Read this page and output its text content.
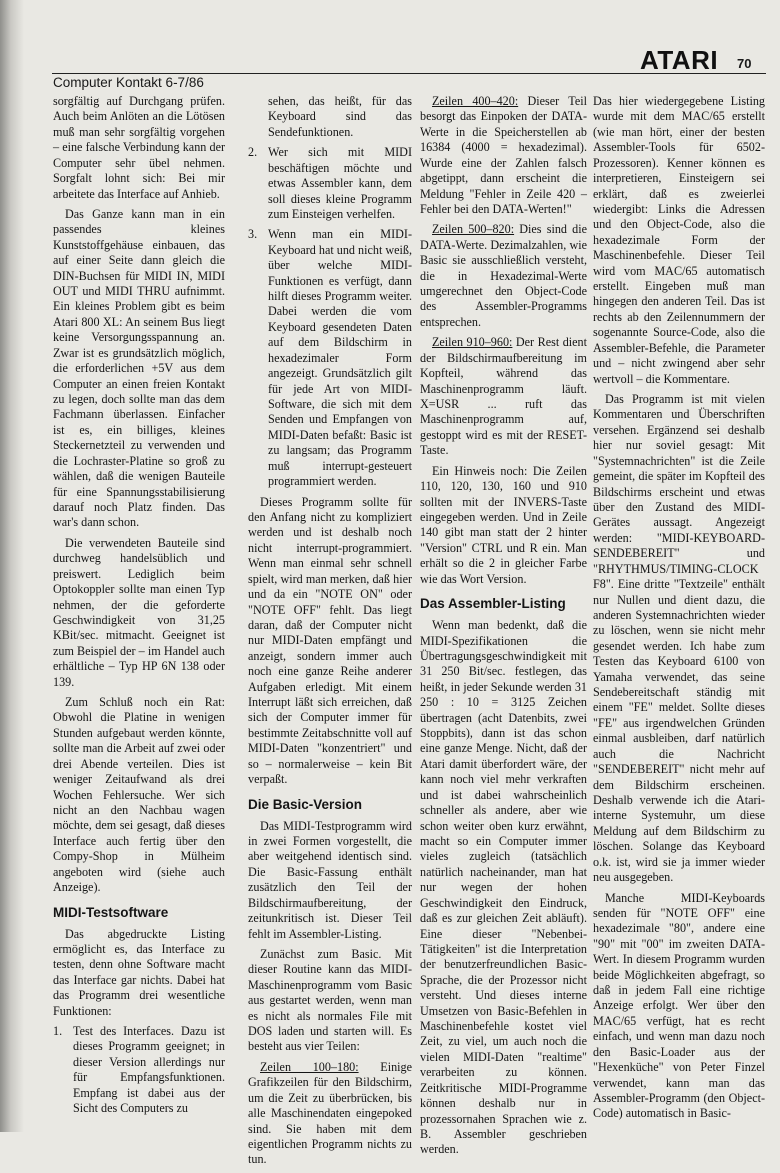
ATARI 70
Computer Kontakt 6-7/86

sorgfältig auf Durchgang prüfen. Auch beim Anlöten an die Lötösen muß man sehr sorgfältig vorgehen – eine falsche Verbindung kann der Computer sehr übel nehmen. Sorgfalt lohnt sich: Bei mir arbeitete das Interface auf Anhieb.

Das Ganze kann man in ein passendes kleines Kunststoffgehäuse einbauen, das auf einer Seite dann gleich die DIN-Buchsen für MIDI IN, MIDI OUT und MIDI THRU aufnimmt. Ein kleines Problem gibt es beim Atari 800 XL: An seinem Bus liegt keine Versorgungsspannung an. Zwar ist es grundsätzlich möglich, die erforderlichen +5V aus dem Computer an einen freien Kontakt zu legen, doch sollte man das dem Fachmann überlassen. Einfacher ist es, ein billiges, kleines Steckernetzteil zu verwenden und die Lochraster-Platine so groß zu wählen, daß die wenigen Bauteile für eine Spannungsstabilisierung darauf noch Platz finden. Das war's dann schon.

Die verwendeten Bauteile sind durchweg handelsüblich und preiswert. Lediglich beim Optokoppler sollte man einen Typ nehmen, der die geforderte Geschwindigkeit von 31,25 KBit/sec. mitmacht. Geeignet ist zum Beispiel der – im Handel auch erhältliche – Typ HP 6N 138 oder 139.

Zum Schluß noch ein Rat: Obwohl die Platine in wenigen Stunden aufgebaut werden könnte, sollte man die Arbeit auf zwei oder drei Abende verteilen. Dies ist weniger Zeitaufwand als drei Wochen Fehlersuche. Wer sich nicht an den Nachbau wagen möchte, dem sei gesagt, daß dieses Interface auch fertig über den Compy-Shop in Mülheim angeboten wird (siehe auch Anzeige).

MIDI-Testsoftware

Das abgedruckte Listing ermöglicht es, das Interface zu testen, denn ohne Software macht das Interface gar nichts. Dabei hat das Programm drei wesentliche Funktionen:

1. Test des Interfaces. Dazu ist dieses Programm geeignet; in dieser Version allerdings nur für Empfangsfunktionen. Empfang ist dabei aus der Sicht des Computers zu
sehen, das heißt, für das Keyboard sind das Sendefunktionen.
2. Wer sich mit MIDI beschäftigen möchte und etwas Assembler kann, dem soll dieses kleine Programm zum Einsteigen verhelfen.
3. Wenn man ein MIDI-Keyboard hat und nicht weiß, über welche MIDI-Funktionen es verfügt, dann hilft dieses Programm weiter. Dabei werden die vom Keyboard gesendeten Daten auf dem Bildschirm in hexadezimaler Form angezeigt. Grundsätzlich gilt für jede Art von MIDI-Software, die sich mit dem Senden und Empfangen von MIDI-Daten befaßt: Basic ist zu langsam; das Programm muß interrupt-gesteuert programmiert werden.

Dieses Programm sollte für den Anfang nicht zu kompliziert werden und ist deshalb noch nicht interrupt-programmiert. Wenn man einmal sehr schnell spielt, wird man merken, daß hier und da ein "NOTE ON" oder "NOTE OFF" fehlt. Das liegt daran, daß der Computer nicht nur MIDI-Daten empfängt und anzeigt, sondern immer auch noch eine ganze Reihe anderer Aufgaben erledigt. Mit einem Interrupt läßt sich erreichen, daß sich der Computer immer für bestimmte Zeitabschnitte voll auf MIDI-Daten "konzentriert" und so – normalerweise – kein Bit verpaßt.

Die Basic-Version

Das MIDI-Testprogramm wird in zwei Formen vorgestellt, die aber weitgehend identisch sind. Die Basic-Fassung enthält zusätzlich den Teil der Bildschirmaufbereitung, der zeitunkritisch ist. Dieser Teil fehlt im Assembler-Listing.

Zunächst zum Basic. Mit dieser Routine kann das MIDI-Maschinenprogramm vom Basic aus gestartet werden, wenn man es nicht als normales File mit DOS laden und starten will. Es besteht aus vier Teilen:

Zeilen 100–180: Einige Grafikzeilen für den Bildschirm, um die Zeit zu überbrücken, bis alle Maschinendaten eingepoked sind. Sie haben mit dem eigentlichen Programm nichts zu tun.

Zeilen 400–420: Dieser Teil besorgt das Einpoken der DATA-Werte in die Speicherstellen ab 16384 (4000 = hexadezimal). Wurde eine der Zahlen falsch abgetippt, dann erscheint die Meldung "Fehler in Zeile 420 – Fehler bei den DATA-Werten!"

Zeilen 500–820: Dies sind die DATA-Werte. Dezimalzahlen, wie Basic sie ausschließlich versteht, die in Hexadezimal-Werte umgerechnet den Object-Code des Assembler-Programms entsprechen.

Zeilen 910–960: Der Rest dient der Bildschirmaufbereitung im Kopfteil, während das Maschinenprogramm läuft. X=USR ... ruft das Maschinenprogramm auf, gestoppt wird es mit der RESET-Taste.

Ein Hinweis noch: Die Zeilen 110, 120, 130, 160 und 910 sollten mit der INVERS-Taste eingegeben werden. Und in Zeile 140 gibt man statt der 2 hinter "Version" CTRL und R ein. Man erhält so die 2 in gleicher Farbe wie das Wort Version.

Das Assembler-Listing

Wenn man bedenkt, daß die MIDI-Spezifikationen die Übertragungsgeschwindigkeit mit 31 250 Bit/sec. festlegen, das heißt, in jeder Sekunde werden 31 250 : 10 = 3125 Zeichen übertragen (acht Datenbits, zwei Stoppbits), dann ist das schon eine ganze Menge. Nicht, daß der Atari damit überfordert wäre, der kann noch viel mehr verkraften und ist dabei wahrscheinlich schneller als andere, aber wie schon weiter oben kurz erwähnt, macht so ein Computer immer vieles zugleich (tatsächlich natürlich nacheinander, man hat nur wegen der hohen Geschwindigkeit den Eindruck, daß es zur gleichen Zeit abläuft). Eine dieser "Nebenbei-Tätigkeiten" ist die Interpretation der benutzerfreundlichen Basic-Sprache, die der Prozessor nicht versteht. Und dieses interne Umsetzen von Basic-Befehlen in Maschinenbefehle kostet viel Zeit, zu viel, um auch noch die vielen MIDI-Daten "realtime" verarbeiten zu können. Zeitkritische MIDI-Programme können deshalb nur in prozessornahen Sprachen wie z. B. Assembler geschrieben werden.

Das hier wiedergegebene Listing wurde mit dem MAC/65 erstellt (wie man hört, einer der besten Assembler-Tools für 6502-Prozessoren). Kenner können es interpretieren, Einsteigern sei erklärt, daß es zweierlei wiedergibt: Links die Adressen und den Object-Code, also die hexadezimale Form der Maschinenbefehle. Dieser Teil wird vom MAC/65 automatisch erstellt. Eingeben muß man hingegen den anderen Teil. Das ist rechts ab den Zeilennummern der sogenannte Source-Code, also die Assembler-Befehle, die Parameter und – nicht zwingend aber sehr wertvoll – die Kommentare.

Das Programm ist mit vielen Kommentaren und Überschriften versehen. Ergänzend sei deshalb hier nur soviel gesagt: Mit "Systemnachrichten" ist die Zeile gemeint, die später im Kopfteil des Bildschirms erscheint und etwas über den Zustand des MIDI-Gerätes aussagt. Angezeigt werden: "MIDI-KEYBOARD-SENDEBEREIT" und "RHYTHMUS/TIMING-CLOCK F8". Eine dritte "Textzeile" enthält nur Nullen und dient dazu, die anderen Systemnachrichten wieder zu löschen, wenn sie nicht mehr gesendet werden. Ich habe zum Testen das Keyboard 6100 von Yamaha verwendet, das seine Sendebereitschaft ständig mit einem "FE" meldet. Sollte dieses "FE" aus irgendwelchen Gründen einmal ausbleiben, darf natürlich auch die Nachricht "SENDEBEREIT" nicht mehr auf dem Bildschirm erscheinen. Deshalb verwende ich die Atari-interne Systemuhr, um diese Meldung auf dem Bildschirm zu löschen. Solange das Keyboard o.k. ist, wird sie ja immer wieder neu ausgegeben.

Manche MIDI-Keyboards senden für "NOTE OFF" eine hexadezimale "80", andere eine "90" mit "00" im zweiten DATA-Wert. In diesem Programm wurden beide Möglichkeiten abgefragt, so daß in jedem Fall eine richtige Anzeige erfolgt. Wer über den MAC/65 verfügt, hat es recht einfach, und wenn man dazu noch den Basic-Loader aus der "Hexenküche" von Peter Finzel verwendet, kann man das Assembler-Programm (den Object-Code) automatisch in Basic-
